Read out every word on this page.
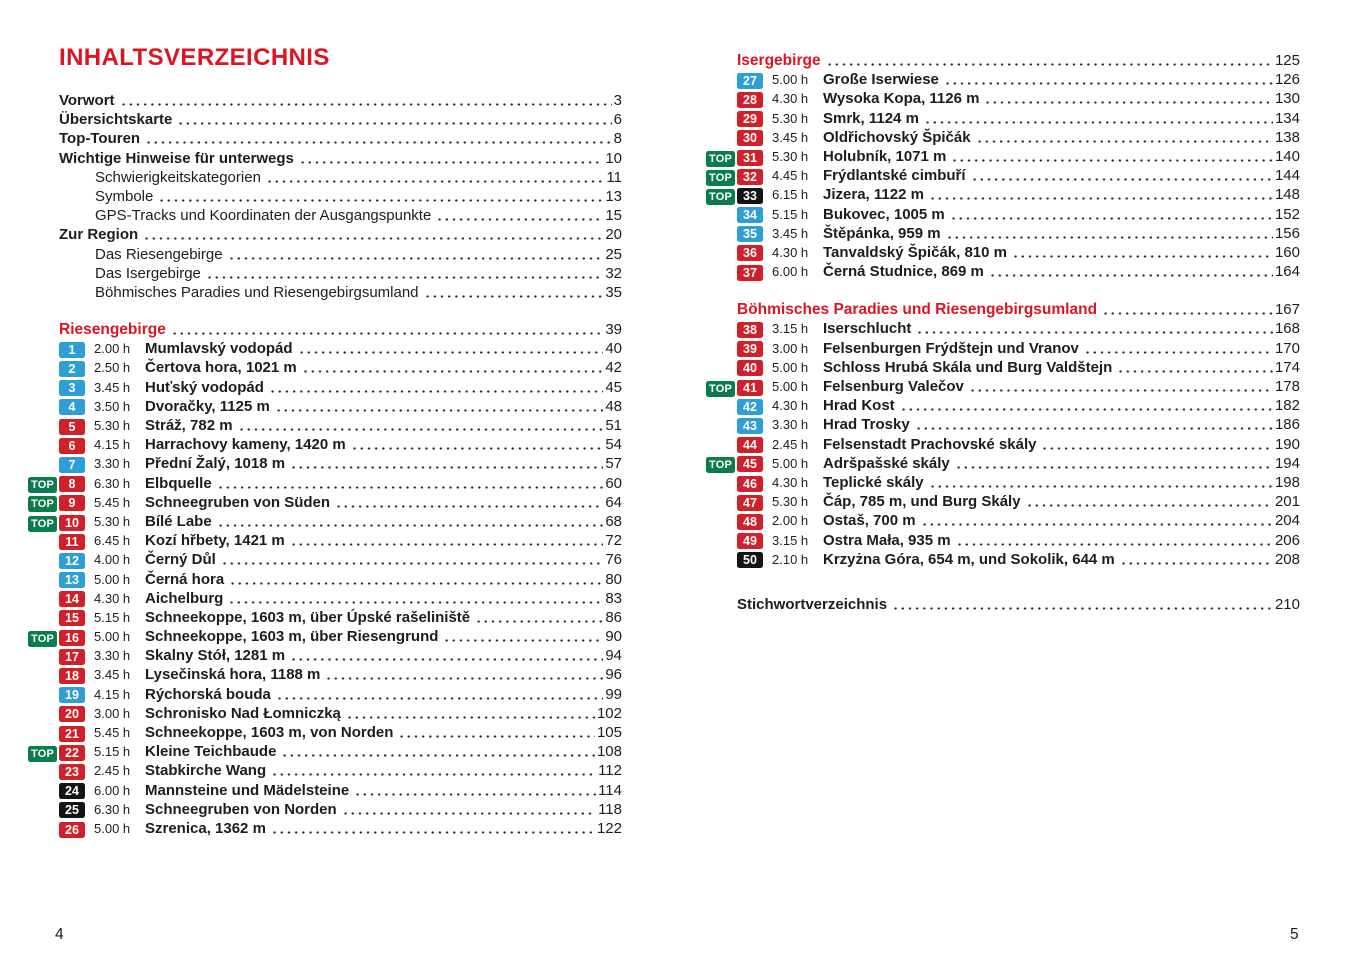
INHALTSVERZEICHNIS
Vorwort	3
Übersichtskarte	6
Top-Touren	8
Wichtige Hinweise für unterwegs	10
Schwierigkeitskategorien	11
Symbole	13
GPS-Tracks und Koordinaten der Ausgangspunkte	15
Zur Region	20
Das Riesengebirge	25
Das Isergebirge	32
Böhmisches Paradies und Riesengebirgsumland	35
Riesengebirge	39
1	2.00 h Mumlavský vodopád	40
2	2.50 h Čertova hora, 1021 m	42
3	3.45 h Huťský vodopád	45
4	3.50 h Dvoračky, 1125 m	48
5	5.30 h Stráž, 782 m	51
6	4.15 h Harrachovy kameny, 1420 m	54
7	3.30 h Přední Žalý, 1018 m	57
TOP	8	6.30 h Elbquelle	60
TOP	9	5.45 h Schneegruben von Süden	64
TOP 10	5.30 h Bílé Labe	68
11	6.45 h Kozí hřbety, 1421 m	72
12	4.00 h Černý Důl	76
13	5.00 h Černá hora	80
14	4.30 h Aichelburg	83
15	5.15 h Schneekoppe, 1603 m, über Úpské rašeliniště	86
TOP 16	5.00 h Schneekoppe, 1603 m, über Riesengrund	90
17	3.30 h Skalny Stół, 1281 m	94
18	3.45 h Lysečinská hora, 1188 m	96
19	4.15 h Rýchorská bouda	99
20	3.00 h Schronisko Nad Łomniczką	102
21	5.45 h Schneekoppe, 1603 m, von Norden	105
TOP 22	5.15 h Kleine Teichbaude	108
23	2.45 h Stabkirche Wang	112
24	6.00 h Mannsteine und Mädelsteine	114
25	6.30 h Schneegruben von Norden	118
26	5.00 h Szrenica, 1362 m	122
Isergebirge	125
27	5.00 h Große Iserwiese	126
28	4.30 h Wysoka Kopa, 1126 m	130
29	5.30 h Smrk, 1124 m	134
30	3.45 h Oldřichovský Špičák	138
TOP 31	5.30 h Holubník, 1071 m	140
TOP 32	4.45 h Frýdlantské cimbuří	144
TOP 33	6.15 h Jizera, 1122 m	148
34	5.15 h Bukovec, 1005 m	152
35	3.45 h Štěpánka, 959 m	156
36	4.30 h Tanvaldský Špičák, 810 m	160
37	6.00 h Černá Studnice, 869 m	164
Böhmisches Paradies und Riesengebirgsumland	167
38	3.15 h Iserschlucht	168
39	3.00 h Felsenburgen Frýdštejn und Vranov	170
40	5.00 h Schloss Hrubá Skála und Burg Valdštejn	174
TOP 41	5.00 h Felsenburg Valečov	178
42	4.30 h Hrad Kost	182
43	3.30 h Hrad Trosky	186
44	2.45 h Felsenstadt Prachovské skály	190
TOP 45	5.00 h Adršpašské skály	194
46	4.30 h Teplické skály	198
47	5.30 h Čáp, 785 m, und Burg Skály	201
48	2.00 h Ostaš, 700 m	204
49	3.15 h Ostra Mała, 935 m	206
50	2.10 h Krzyżna Góra, 654 m, und Sokolik, 644 m	208
Stichwortverzeichnis	210
4	5
